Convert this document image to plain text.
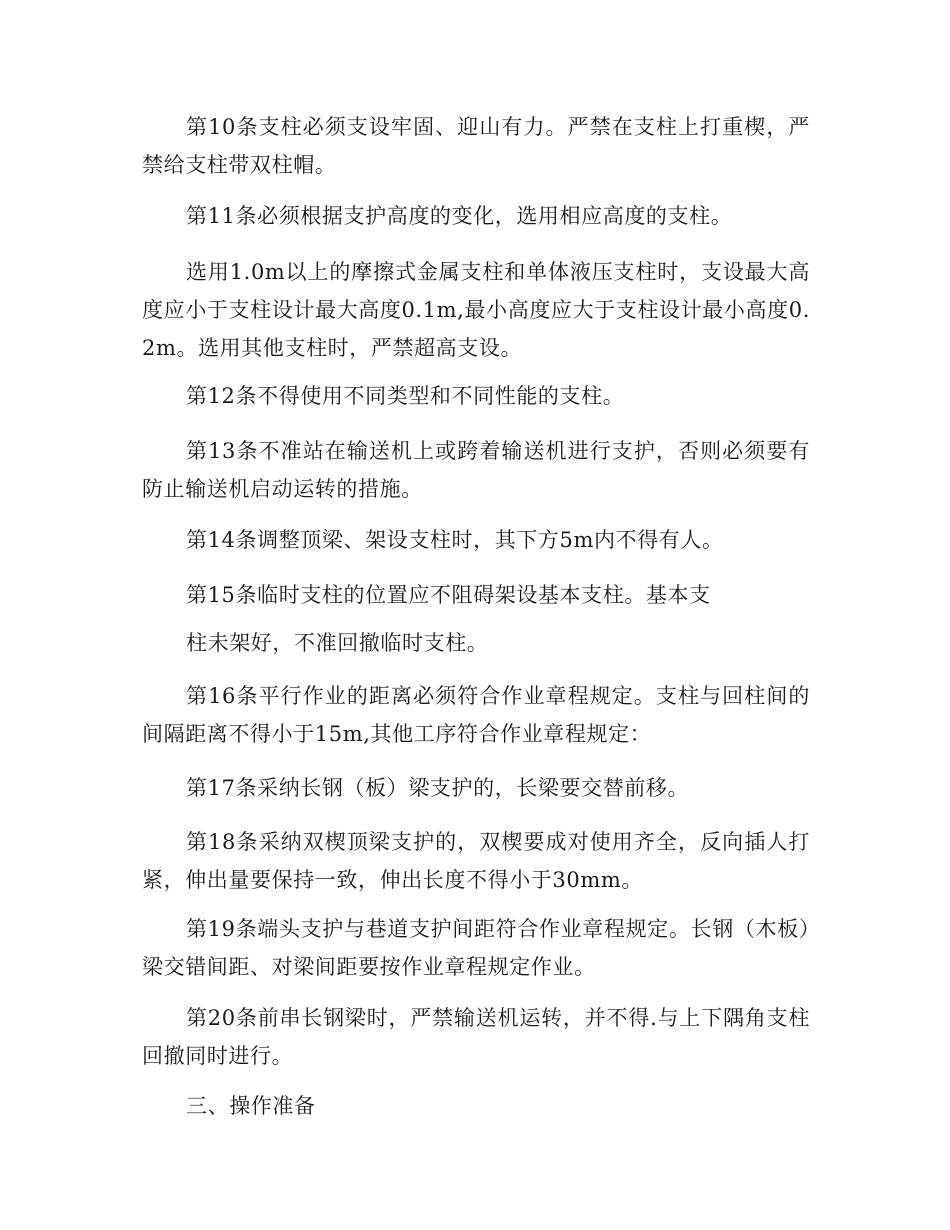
第10条支柱必须支设牢固、迎山有力。严禁在支柱上打重楔，严禁给支柱带双柱帽。

第11条必须根据支护高度的变化，选用相应高度的支柱。

选用1.0m以上的摩擦式金属支柱和单体液压支柱时，支设最大高度应小于支柱设计最大高度0.1m,最小高度应大于支柱设计最小高度0.2m。选用其他支柱时，严禁超高支设。

第12条不得使用不同类型和不同性能的支柱。

第13条不准站在输送机上或跨着输送机进行支护，否则必须要有防止输送机启动运转的措施。

第14条调整顶梁、架设支柱时，其下方5m内不得有人。

第15条临时支柱的位置应不阻碍架设基本支柱。基本支

柱未架好，不准回撤临时支柱。

第16条平行作业的距离必须符合作业章程规定。支柱与回柱间的间隔距离不得小于15m,其他工序符合作业章程规定：

第17条采纳长钢（板）梁支护的，长梁要交替前移。

第18条采纳双楔顶梁支护的，双楔要成对使用齐全，反向插人打紧，伸出量要保持一致，伸出长度不得小于30mm。

第19条端头支护与巷道支护间距符合作业章程规定。长钢（木板）梁交错间距、对梁间距要按作业章程规定作业。

第20条前串长钢梁时，严禁输送机运转，并不得.与上下隅角支柱回撤同时进行。

三、操作准备
